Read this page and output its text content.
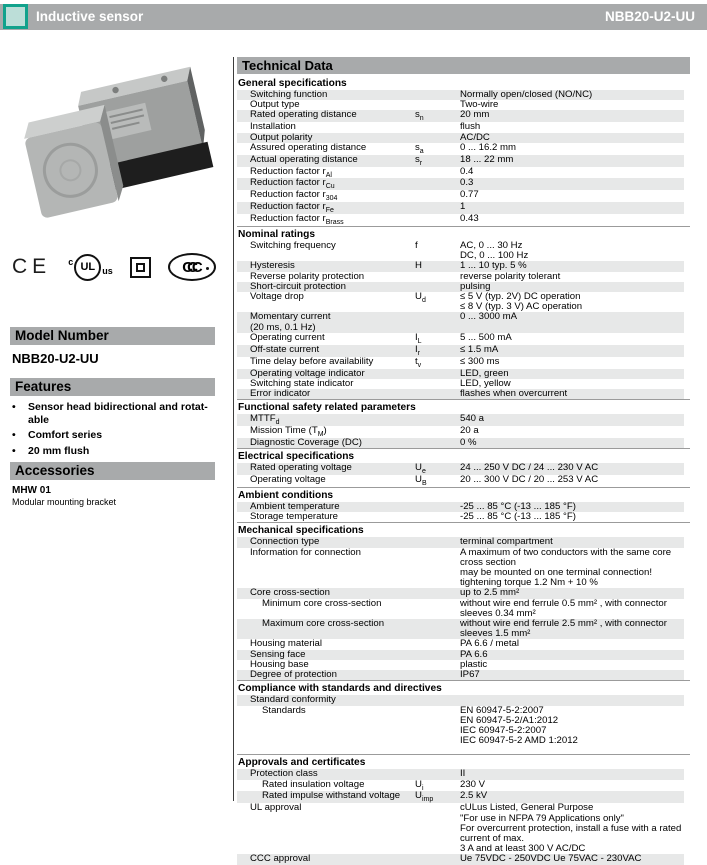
Inductive sensor	NBB20-U2-UU
CE c UL us	CCC
Model Number
NBB20-U2-UU
Features
•	Sensor head bidirectional and rotatable
•	Comfort series
•	20 mm flush
Accessories
MHW 01
Modular mounting bracket
Technical Data
General specifications
Switching function	Normally open/closed (NO/NC)
Output type	Two-wire
Rated operating distance	$s_n$	20 mm
Installation	flush
Output polarity	AC/DC
Assured operating distance	$s_a$	0 ... 16.2 mm
Actual operating distance	$s_r$	18 ... 22 mm
Reduction factor $r_{Al}$	0.4
Reduction factor $r_{Cu}$	0.3
Reduction factor $r_{304}$	0.77
Reduction factor $r_{Fe}$	1
Reduction factor $r_{Brass}$	0.43
Nominal ratings
Switching frequency	f	AC, 0 ... 30 Hz
DC, 0 ... 100 Hz
Hysteresis	H	1 ... 10 typ. 5 %
Reverse polarity protection	reverse polarity tolerant
Short-circuit protection	pulsing
Voltage drop	$U_d$	≤ 5 V (typ. 2V) DC operation
≤ 8 V (typ. 3 V) AC operation
Momentary current
(20 ms, 0.1 Hz)
0 ... 3000 mA
Operating current	$I_L$	5 ... 500 mA
Off-state current	$I_r$	≤ 1.5 mA
Time delay before availability	$t_v$	≤ 300 ms
Operating voltage indicator	LED, green
Switching state indicator	LED, yellow
Error indicator	flashes when overcurrent
Functional safety related parameters
$MTTF_d$	540 a
Mission Time $(T_M)$	20 a
Diagnostic Coverage (DC)	0 %
Electrical specifications
Rated operating voltage	$U_e$	24 ... 250 V DC / 24 ... 230 V AC
Operating voltage	$U_B$	20 ... 300 V DC / 20 ... 253 V AC
Ambient conditions
Ambient temperature	-25 ... 85 °C (-13 ... 185 °F)
Storage temperature	-25 ... 85 °C (-13 ... 185 °F)
Mechanical specifications
Connection type	terminal compartment
Information for connection	A maximum of two conductors with the same core cross section
may be mounted on one terminal connection!
tightening torque 1.2 Nm + 10 %
Core cross-section	up to 2.5 mm²
Minimum core cross-section	without wire end ferrule 0.5 mm² , with connector sleeves 0.34 mm²
Maximum core cross-section	without wire end ferrule 2.5 mm² , with connector sleeves 1.5 mm²
Housing material	PA 6.6 / metal
Sensing face	PA 6.6
Housing base	plastic
Degree of protection	IP67
Compliance with standards and directives
Standard conformity
Standards	EN 60947-5-2:2007
EN 60947-5-2/A1:2012
IEC 60947-5-2:2007
IEC 60947-5-2 AMD 1:2012
Approvals and certificates
Protection class	II
Rated insulation voltage	$U_i$	230 V
Rated impulse withstand voltage	$U_{imp}$	2.5 kV
UL approval	cULus Listed, General Purpose
"For use in NFPA 79 Applications only"
For overcurrent protection, install a fuse with a rated current of max.
3 A and at least 300 V AC/DC
CCC approval	Ue 75VDC - 250VDC Ue 75VAC - 230VAC
